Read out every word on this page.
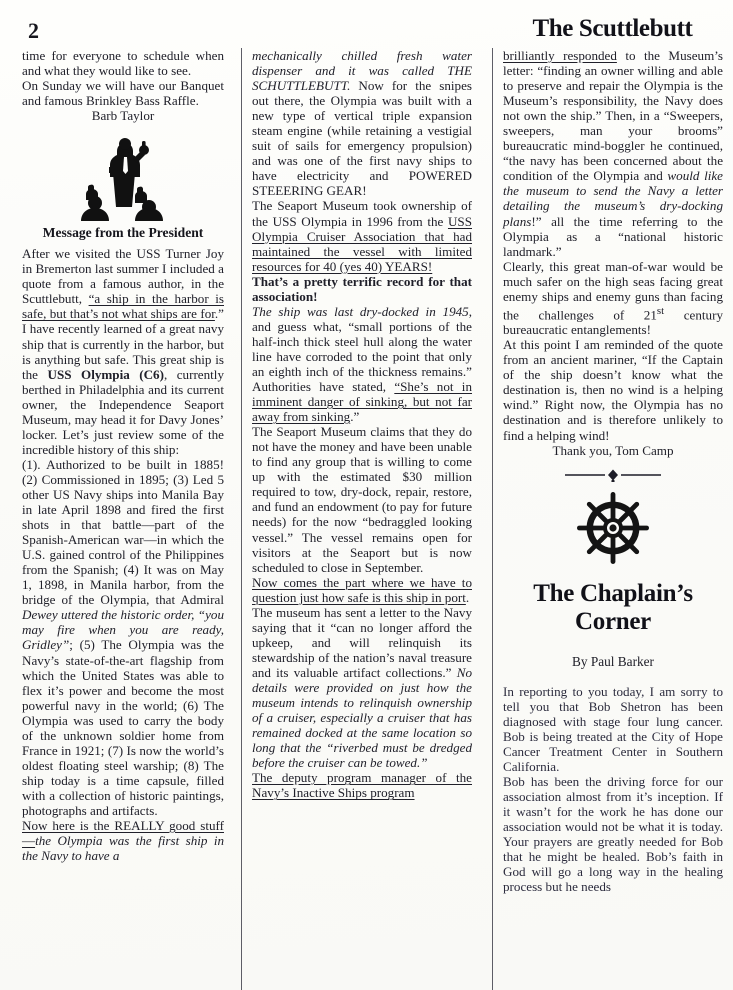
2	The Scuttlebutt

time for everyone to schedule when and what they would like to see.

On Sunday we will have our Banquet and famous Brinkley Bass Raffle.

Barb Taylor

Message from the President

After we visited the USS Turner Joy in Bremerton last summer I included a quote from a famous author, in the Scuttlebutt, “a ship in the harbor is safe, but that’s not what ships are for.” I have recently learned of a great navy ship that is currently in the harbor, but is anything but safe. This great ship is the USS Olympia (C6), currently berthed in Philadelphia and its current owner, the Independence Seaport Museum, may head it for Davy Jones’ locker. Let’s just review some of the incredible history of this ship:

(1). Authorized to be built in 1885! (2) Commissioned in 1895; (3) Led 5 other US Navy ships into Manila Bay in late April 1898 and fired the first shots in that battle—part of the Spanish-American war—in which the U.S. gained control of the Philippines from the Spanish; (4) It was on May 1, 1898, in Manila harbor, from the bridge of the Olympia, that Admiral Dewey uttered the historic order, “you may fire when you are ready, Gridley”; (5) The Olympia was the Navy’s state-of-the-art flagship from which the United States was able to flex it’s power and become the most powerful navy in the world; (6) The Olympia was used to carry the body of the unknown soldier home from France in 1921; (7) Is now the world’s oldest floating steel warship; (8) The ship today is a time capsule, filled with a collection of historic paintings, photographs and artifacts.

Now here is the REALLY good stuff—the Olympia was the first ship in the Navy to have a

mechanically chilled fresh water dispenser and it was called THE SCHUTTLEBUTT. Now for the snipes out there, the Olympia was built with a new type of vertical triple expansion steam engine (while retaining a vestigial suit of sails for emergency propulsion) and was one of the first navy ships to have electricity and POWERED STEEERING GEAR!

The Seaport Museum took ownership of the USS Olympia in 1996 from the USS Olympia Cruiser Association that had maintained the vessel with limited resources for 40 (yes 40) YEARS!

That’s a pretty terrific record for that association!

The ship was last dry-docked in 1945, and guess what, “small portions of the half-inch thick steel hull along the water line have corroded to the point that only an eighth inch of the thickness remains.” Authorities have stated, “She’s not in imminent danger of sinking, but not far away from sinking.”

The Seaport Museum claims that they do not have the money and have been unable to find any group that is willing to come up with the estimated $30 million required to tow, dry-dock, repair, restore, and fund an endowment (to pay for future needs) for the now “bedraggled looking vessel.” The vessel remains open for visitors at the Seaport but is now scheduled to close in September.

Now comes the part where we have to question just how safe is this ship in port.

The museum has sent a letter to the Navy saying that it “can no longer afford the upkeep, and will relinquish its stewardship of the nation’s naval treasure and its valuable artifact collections.” No details were provided on just how the museum intends to relinquish ownership of a cruiser, especially a cruiser that has remained docked at the same location so long that the “riverbed must be dredged before the cruiser can be towed.”

The deputy program manager of the Navy’s Inactive Ships program

brilliantly responded to the Museum’s letter: “finding an owner willing and able to preserve and repair the Olympia is the Museum’s responsibility, the Navy does not own the ship.” Then, in a “Sweepers, sweepers, man your brooms” bureaucratic mind-boggler he continued, “the navy has been concerned about the condition of the Olympia and would like the museum to send the Navy a letter detailing the museum’s dry-docking plans!” all the time referring to the Olympia as a “national historic landmark.”

Clearly, this great man-of-war would be much safer on the high seas facing great enemy ships and enemy guns than facing the challenges of 21st century bureaucratic entanglements!

At this point I am reminded of the quote from an ancient mariner, “If the Captain of the ship doesn’t know what the destination is, then no wind is a helping wind.” Right now, the Olympia has no destination and is therefore unlikely to find a helping wind!

Thank you, Tom Camp

The Chaplain’s
Corner
By Paul Barker

In reporting to you today, I am sorry to tell you that Bob Shetron has been diagnosed with stage four lung cancer. Bob is being treated at the City of Hope Cancer Treatment Center in Southern California.

Bob has been the driving force for our association almost from it’s inception. If it wasn’t for the work he has done our association would not be what it is today. Your prayers are greatly needed for Bob that he might be healed. Bob’s faith in God will go a long way in the healing process but he needs
